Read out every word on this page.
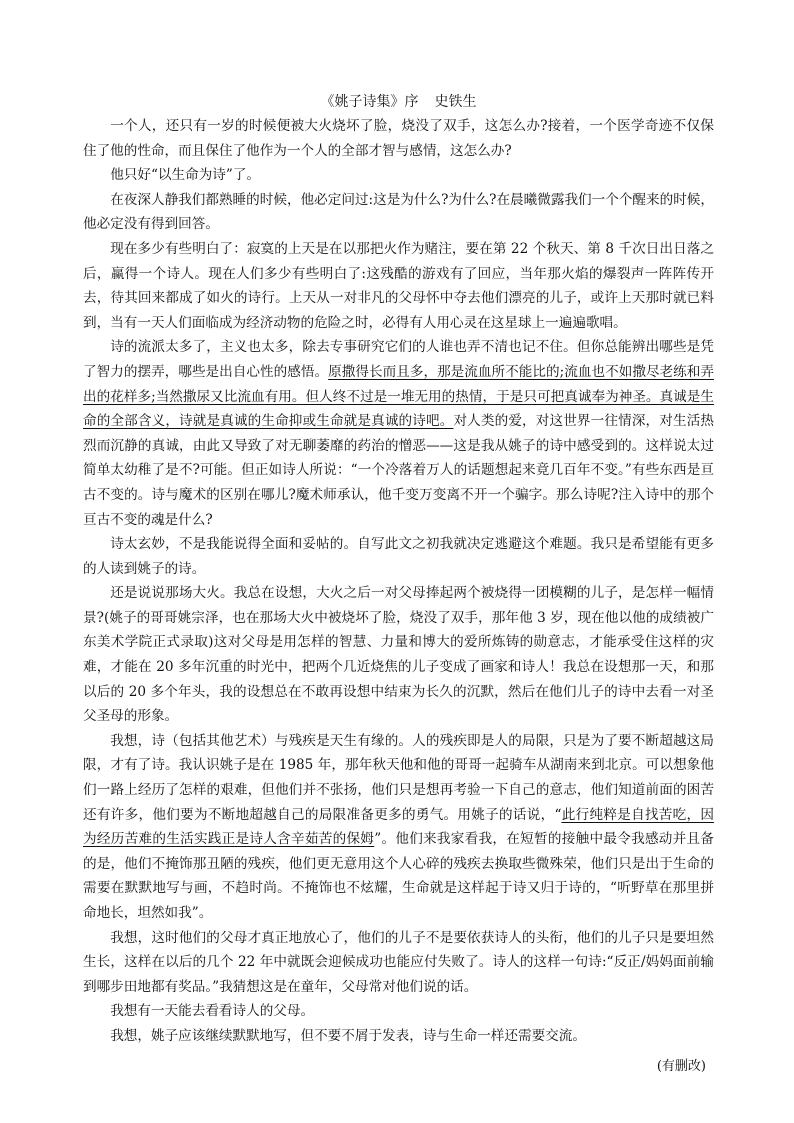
《姚子诗集》序 史铁生

一个人，还只有一岁的时候便被大火烧坏了脸，烧没了双手，这怎么办?接着，一个医学奇迹不仅保住了他的性命，而且保住了他作为一个人的全部才智与感情，这怎么办?

他只好“以生命为诗”了。

在夜深人静我们都熟睡的时候，他必定问过:这是为什么?为什么?在晨曦微露我们一个个醒来的时候，他必定没有得到回答。

现在多少有些明白了：寂寞的上天是在以那把火作为赌注，要在第 22 个秋天、第 8 千次日出日落之后，赢得一个诗人。现在人们多少有些明白了:这残酷的游戏有了回应，当年那火焰的爆裂声一阵阵传开去，待其回来都成了如火的诗行。上天从一对非凡的父母怀中夺去他们漂亮的儿子，或许上天那时就已料到，当有一天人们面临成为经济动物的危险之时，必得有人用心灵在这星球上一遍遍歌唱。

诗的流派太多了，主义也太多，除去专事研究它们的人谁也弄不清也记不住。但你总能辨出哪些是凭了智力的摆弄，哪些是出自心性的感悟。原撒得长而且多，那是流血所不能比的;流血也不如撒尽老练和弄出的花样多;当然撒尿又比流血有用。但人终不过是一堆无用的热情，于是只可把真诚奉为神圣。真诚是生命的全部含义，诗就是真诚的生命抑或生命就是真诚的诗吧。对人类的爱，对这世界一往情深，对生活热烈而沉静的真诚，由此又导致了对无聊萎靡的药治的憎恶——这是我从姚子的诗中感受到的。这样说太过简单太幼稚了是不?可能。但正如诗人所说：“一个冷落着万人的话题想起来竟几百年不变。”有些东西是亘古不变的。诗与魔术的区别在哪儿?魔术师承认，他千变万变离不开一个骗字。那么诗呢?注入诗中的那个亘古不变的魂是什么?

诗太玄妙，不是我能说得全面和妥帖的。自写此文之初我就决定逃避这个难题。我只是希望能有更多的人读到姚子的诗。

还是说说那场大火。我总在设想，大火之后一对父母捧起两个被烧得一团模糊的儿子，是怎样一幅情景?(姚子的哥哥姚宗泽，也在那场大火中被烧坏了脸，烧没了双手，那年他 3 岁，现在他以他的成绩被广东美术学院正式录取)这对父母是用怎样的智慧、力量和博大的爱所炼铸的勋意志，才能承受住这样的灾难，才能在 20 多年沉重的时光中，把两个几近烧焦的儿子变成了画家和诗人！我总在设想那一天，和那以后的 20 多个年头，我的设想总在不敢再设想中结束为长久的沉默，然后在他们儿子的诗中去看一对圣父圣母的形象。

我想，诗（包括其他艺术）与残疾是天生有缘的。人的残疾即是人的局限，只是为了要不断超越这局限，才有了诗。我认识姚子是在 1985 年，那年秋天他和他的哥哥一起骑车从湖南来到北京。可以想象他们一路上经历了怎样的艰难，但他们并不张扬，他们只是想再考验一下自己的意志，他们知道前面的困苦还有许多，他们要为不断地超越自己的局限准备更多的勇气。用姚子的话说，“此行纯粹是自找苦吃，因为经历苦难的生活实践正是诗人含辛茹苦的保姆”。他们来我家看我，在短暂的接触中最令我感动并且备的是，他们不掩饰那丑陋的残疾，他们更无意用这个人心碎的残疾去换取些微殊荣，他们只是出于生命的需要在默默地写与画，不趋时尚。不掩饰也不炫耀，生命就是这样起于诗又归于诗的，“听野草在那里拼命地长，坦然如我”。

我想，这时他们的父母才真正地放心了，他们的儿子不是要依获诗人的头衔，他们的儿子只是要坦然生长，这样在以后的几个 22 年中就既会迎候成功也能应付失败了。诗人的这样一句诗:“反正/妈妈面前输到哪步田地都有奖品。”我猜想这是在童年，父母常对他们说的话。

我想有一天能去看看诗人的父母。

我想，姚子应该继续默默地写，但不要不屑于发表，诗与生命一样还需要交流。

(有删改)
